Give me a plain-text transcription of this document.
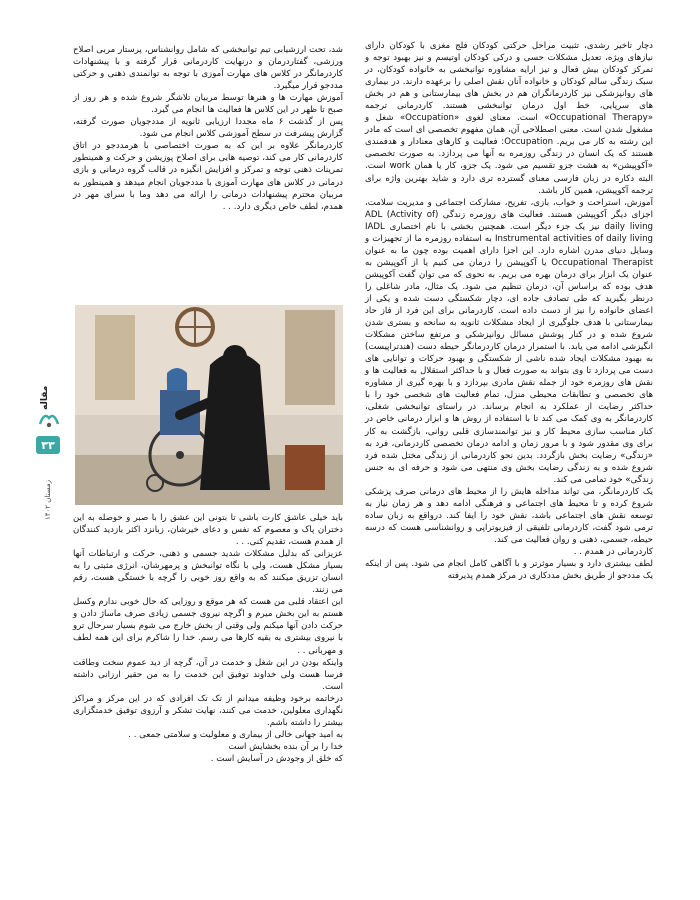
دچار تاخیر رشدی، تثبیت مراحل حرکتی کودکان فلج مغزی با کودکان دارای نیازهای ویژه، تعدیل مشکلات حسی و درکی کودکان اوتیسم و نیز بهبود توجه و تمرکز کودکان بیش فعال و نیز ارایه مشاوره توانبخشی به خانواده کودکان، در سبک زندگی سالم کودکان و خانواده آنان نقش اصلی را برعهده دارند. در بیماری های روانپزشکی نیز کاردرمانگران هم در بخش های بیمارستانی و هم در بخش های سرپایی، خط اول درمان توانبخشی هستند. کاردرمانی ترجمه «Occupational Therapy» است. معنای لغوی «Occupation» شغل و مشغول شدن است. معنی اصطلاحی آن، همان مفهوم تخصصی ای است که مادر این رشته به کار می بریم. Occupation: فعالیت و کارهای معنادار و هدفمندی هستند که یک انسان در زندگی روزمره به آنها می پردازد. به صورت تخصصی «آکوپیشن» به هشت جزو تقسیم می شود. یک جزو، کار یا همان work است. البته دکاره در زبان فارسی معنای گسترده تری دارد و شاید بهترین واژه برای ترجمه آکوپیشن، همین کار باشد.

آموزش، استراحت و خواب، بازی، تفریح، مشارکت اجتماعی و مدیریت سلامت، اجزای دیگر آکوپیشن هستند. فعالیت های روزمره زندگی (ADL (Activity of daily living نیز یک جزء دیگر است. همچنین بخشی با نام اختصاری IADL Instrumental activities of daily living به استفاده روزمره ما از تجهیزات و وسایل دنیای مدرن اشاره دارد. این اجزا دارای اهمیت بوده چون ما به عنوان Occupational Therapist یا آکوپیشن را درمان می کنیم یا از آکوپیشن به عنوان یک ابزار برای درمان بهره می بریم. به نحوی که می توان گفت آکوپیشن هدف بوده که براساس آن، درمان تنظیم می شود. یک مثال، مادر شاغلی را درنظر بگیرید که طی تصادف جاده ای، دچار شکستگی دست شده و یکی از اعضای خانواده را نیز از دست داده است. کاردرمانی برای این فرد از فاز حاد بیمارستانی با هدف جلوگیری از ایجاد مشکلات ثانویه به سانحه و بستری شدن شروع شده و در کنار پوشش مسائل روانپزشکی و مرتفع ساختن مشکلات انگیزشی ادامه می یابد. با استمرار درمان کاردرمانگر حیطه دست (هندتراپیست) به بهبود مشکلات ایجاد شده ناشی از شکستگی و بهبود حرکات و توانایی های دست می پردازد تا وی بتواند به صورت فعال و با حداکثر استقلال به فعالیت ها و نقش های روزمره خود از جمله نقش مادری بپردازد و با بهره گیری از مشاوره های تخصصی و تطابقات محیطی منزل، تمام فعالیت های شخصی خود را با حداکثر رضایت از عملکرد به انجام برساند. در راستای توانبخشی شغلی، کاردرمانگر به وی کمک می کند تا با استفاده از روش ها و ابزار درمانی خاص در کنار مناسب سازی محیط کار و نیز توانمندسازی قلبی روانی، بازگشت به کار برای وی مقدور شود و با مرور زمان و ادامه درمان تخصصی کاردرمانی، فرد به «زندگی» رضایت بخش بازگردد. بدین نحو کاردرمانی از زندگی مختل شده فرد شروع شده و به زندگی رضایت بخش وی منتهی می شود و حرفه ای به جنس زندگی» خود تمامی می کند.

یک کاردرمانگر، می تواند مداخله هایش را از محیط های درمانی صرف پزشکی شروع کرده و تا محیط های اجتماعی و فرهنگی ادامه دهد و هر زمان نیاز به توسعه نقش های اجتماعی باشد، نقش خود را ایفا کند. درواقع به زبان ساده ترمی شود گفت، کاردرمانی تلفیقی از فیزیوتراپی و روانشناسی هست که درسه حیطه، جسمی، ذهنی و روان فعالیت می کند.

کاردرمانی در همدم . .

لطف بیشتری دارد و بسیار موثرتر و با آگاهی کامل انجام می شود. پس از اینکه یک مددجو از طریق بخش مددکاری در مرکز همدم پذیرفته

شد، تحت ارزشیابی تیم توانبخشی که شامل روانشناس، پرستار مربی اصلاح ورزشی، گفتاردرمان و درنهایت کاردرمانی قرار گرفته و با پیشنهادات کاردرمانگر در کلاس های مهارت آموزی با توجه به توانمندی ذهنی و حرکتی مددجو قرار میگیرد.

آموزش مهارت ها و هنرها توسط مربیان تلاشگر شروع شده و هر روز از صبح تا ظهر در این کلاس ها فعالیت ها انجام می گیرد.

پس از گذشت ۶ ماه مجددا ارزیابی ثانویه از مددجویان صورت گرفته، گزارش پیشرفت در سطح آموزشی کلاس انجام می شود.

کاردرمانگر علاوه بر این که به صورت اختصاصی با هرمددجو در اتاق کاردرمانی کار می کند، توصیه هایی برای اصلاح پوزیشن و حرکت و همینطور تمرینات ذهنی توجه و تمرکز و افزایش انگیزه در قالب گروه درمانی و بازی درمانی در کلاس های مهارت آموزی با مددجویان انجام میدهد و همینطور به مربیان محترم پیشنهادات درمانی را ارائه می دهد وما با سرای مهر در همدم، لطف خاص دیگری دارد. . .

باید خیلی عاشق کارت باشی تا بتونی این عشق را با صبر و حوصله به این دختران پاک و معصوم که نفس و دعای خیرشان، زبانزد اکثر بازدید کنندگان از همدم هست، تقدیم کنی. . .

عزیزانی که بدلیل مشکلات شدید جسمی و ذهنی، حرکت و ارتباطات آنها بسیار مشکل هست، ولی با نگاه توانبخش و پرمهرشان، انرژی مثبتی را به انسان تزریق میکنند که به واقع روز خوبی را گرچه با خستگی هست، رقم می زنند.

این اعتقاد قلبی من هست که هر موقع و روزایی که حال خوبی ندارم وکسل هستم به این بخش میرم و اگرچه نیروی جسمی زیادی صرف ماساژ دادن و حرکت دادن آنها میکنم ولی وقتی از بخش خارج می شوم بسیار سرحال ترو با نیروی بیشتری به بقیه کارها می رسم. خدا را شاکرم برای این همه لطف و مهربانی . .

واینکه بودن در این شغل و خدمت در آن، گرچه از دید عموم سخت وطاقت فرسا هست ولی خداوند توفیق این خدمت را به من حقیر ارزانی داشته است.

درخاتمه برخود وظیفه میدانم از تک تک افرادی که در این مرکز و مراکز نگهداری معلولین، خدمت می کنند، نهایت تشکر و آرزوی توفیق خدمتگزاری بیشتر را داشته باشم.

به امید جهانی خالی از بیماری و معلولیت و سلامتی جمعی . .

خدا را بر آن بنده بخشایش است

که خلق از وجودش در آسایش است .

مقاله
۳۳
زمستان ۱۴۰۲
